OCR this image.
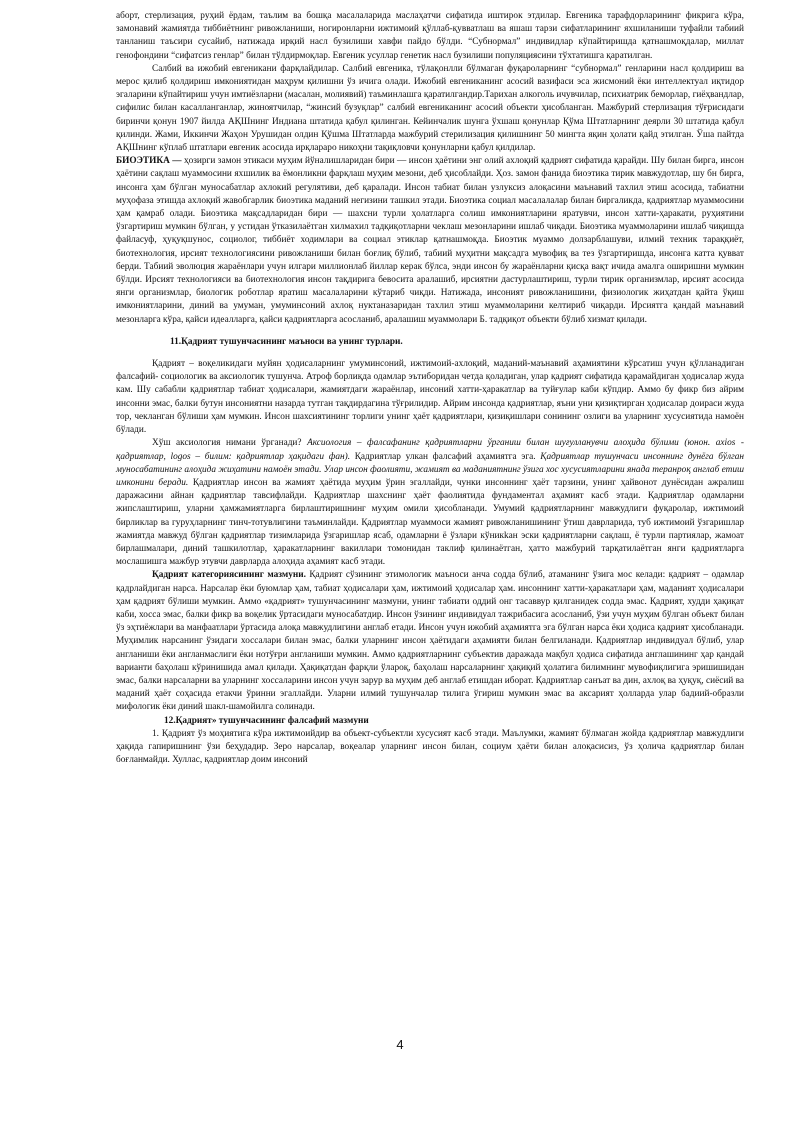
аборт, стерлизация, руҳий ёрдам, таълим ва бошқа масалаларида маслаҳатчи сифатида иштирок этдилар. Евгеника тарафдорларининг фикрига кўра, замонавий жамиятда тиббиётнинг ривожланиши, ногиронларни ижтимоий қўллаб-қувватлаш ва яшаш тарзи сифатларининг яхшиланиши туфайли табиий танланиш таъсири сусайиб, натижада ирқий насл бузилиши хавфи пайдо бўлди. “Субнормал” индивидлар кўпайтиришда қатнашмоқдалар, миллат генофондини “сифатсиз генлар” билан тўлдирмоқлар. Евгеник усуллар генетик насл бузилиши популяциясини тўхтатишга қаратилган.

Салбий ва ижобий евгеникани фарқлайдилар. Салбий евгеника, тўлақонлли бўлмаган фуқароларнинг “субнормал” генларини насл қолдириш ва мерос қилиб қолдириш имкониятидан маҳрум қилишни ўз ичига олади. Ижобий евгениканинг асосий вазифаси эса жисмоний ёки интеллектуал иқтидор эгаларини кўпайтириш учун имтиёзларни (масалан, молиявий) таъминлашга қаратилгандир.Тарихан алкоголь ичувчилар, психиатрик беморлар, гиёҳвандлар, сифилис билан касалланганлар, жиноятчилар, “жинсий бузуқлар” салбий евгениканинг асосий объекти ҳисобланган. Мажбурий стерлизация тўғрисидаги биринчи қонун 1907 йилда АҚШнинг Индиана штатида қабул қилинган. Кейинчалик шунга ўхшаш қонунлар Қўма Штатларнинг деярли 30 штатида қабул қилинди. Жами, Иккинчи Жаҳон Урушидан олдин Қўшма Штатларда мажбурий стерилизация қилишнинг 50 мингта яқин ҳолати қайд этилган. Ўша пайтда АҚШнинг кўплаб штатлари евгеник асосида ирқлараро никоҳни тақиқловчи қонунларни қабул қилдилар.

БИОЭТИКА — ҳозирги замон этикаси муҳим йўналишларидан бири — инсон ҳаётини энг олий ахлоқий қадрият сифатида қарайди. Шу билан бирга, инсон ҳаётини сақлаш муаммосини яхшилик ва ёмонликни фарқлаш муҳим мезони, деб ҳисоблайди. Ҳоз. замон фанида биоэтика тирик мавжудотлар, шу бн бирга, инсонга ҳам бўлган муносабатлар ахлокий регулятиви, деб қаралади. Инсон табиат билан узлуксиз алоқасини маънавий тахлил этиш асосида, табиатни муҳофаза этишда ахлоқий жавобгарлик биоэтика маданий негизини ташкил этади. Биоэтика социал масалалалар билан биргаликда, қадриятлар муаммосини ҳам қамраб олади. Биоэтика мақсадларидан бири — шахсни турли ҳолатларга солиш имкониятларини яратувчи, инсон хатти-ҳаракати, руҳиятини ўзгартириш мумкин бўлган, у устидан ўтказилаётган хилмахил тадқиқотларни чеклаш мезонларини ишлаб чиқади. Биоэтика муаммоларини ишлаб чиқишда файласуф, ҳуқуқшунос, социолог, тиббиёт ходимлари ва социал этиклар қатнашмоқда. Биоэтик муаммо долзарблашуви, илмий техник тараққиёт, биотехнология, ирсият технологиясини ривожланиши билан боғлиқ бўлиб, табиий муҳитни мақсадга мувофиқ ва тез ўзгартиришда, инсонга катта қувват берди. Табиий эволюция жараёнлари учун илгари миллионлаб йиллар керак бўлса, энди инсон бу жараёнларни қисқа вақт ичида амалга оширишни мумкин бўлди. Ирсият технологияси ва биотехнология инсон тақдирига бевосита аралашиб, ирсиятни дастурлаштириш, турли тирик организмлар, ирсият асосида янги организмлар, биологик роботлар яратиш масалаларини кўтариб чиқди. Натижада, инсоният ривожланишини, физиологик жиҳатдан қайта ўқиш имкониятларини, диний ва умуман, умуминсоний ахлоқ нуктаназаридан тахлил этиш муаммоларини келтириб чиқарди. Ирсиятга қандай маънавий мезонларга кўра, қайси идеалларга, қайси қадриятларга асосланиб, аралашиш муаммолари Б. тадқиқот объекти бўлиб хизмат қилади.

11.Қадрият тушунчасининг маъноси ва унинг турлари.

Қадрият – воқеликидаги муйян ҳодисаларнинг умуминсоний, ижтимоий-ахлоқий, маданий-маънавий аҳамиятини кўрсатиш учун қўлланадиган фалсафий- социологик ва аксиологик тушунча. Атроф борлиқда одамлар эътиборидан четда қоладиган, улар қадрият сифатида қарамайдиган ҳодисалар жуда кам. Шу сабабли қадриятлар табиат ҳодисалари, жамиятдаги жараёнлар, инсоний хатти-ҳаракатлар ва туйғулар каби кўпдир. Аммо бу фикр биз айрим инсонни эмас, балки бутун инсониятни назарда тутган тақдирдагина тўғрилидир. Айрим инсонда қадриятлар, яъни уни қизиқтирган ҳодисалар доираси жуда тор, чекланган бўлиши ҳам мумкин. Инсон шахсиятининг торлиги унинг ҳаёт қадриятлари, қизиқишлари сонининг озлиги ва уларнинг хусусиятида намоён бўлади.

Хўш аксиология нимани ўрганади? Аксиология – фалсафанинг қадриятларни ўрганиш билан шуғулланувчи алоҳида бўлими (юнон. axios - қадриятлар, logos – билим: қадриятлар ҳақидаги фан). Қадриятлар улкан фалсафий аҳамиятга эга. Қадриятлар тушунчаси инсоннинг дунёга бўлган муносабатининг алоҳида жиҳатини намоён этади. Улар инсон фаолияти, жамият ва маданиятнинг ўзига хос хусусиятларини янада теранроқ англаб етиш имконини беради. Қадриятлар инсон ва жамият ҳаётида муҳим ўрин эгаллайди, чунки инсоннинг ҳаёт тарзини, унинг ҳайвонот дунёсидан ажралиш даражасини айнан қадриятлар тавсифлайди. Қадриятлар шахснинг ҳаёт фаолиятида фундаментал аҳамият касб этади. Қадриятлар одамларни жипслаштириш, уларни ҳамжамиятларга бирлаштиришнинг муҳим омили ҳисобланади. Умумий қадриятларнинг мавжудлиги фуқаролар, ижтимоий бирликлар ва гуруҳларнинг тинч-тотувлигини таъминлайди. Қадриятлар муаммоси жамият ривожланишининг ўтиш даврларида, туб ижтимоий ўзгаришлар жамиятда мавжуд бўлган қадриятлар тизимларида ўзгаришлар ясаб, одамларни ё ўзлари кўникkан эски қадриятларни сақлаш, ё турли партиялар, жамоат бирлашмалари, диний ташкилотлар, ҳаракатларнинг вакиллари томонидан таклиф қилинаётган, ҳатто мажбурий тарқатилаётган янги қадриятларга мослашишга мажбур этувчи даврларда алоҳида аҳамият касб этади.

Қадрият категориясининг мазмуни. Қадрият сўзининг этимологик маъноси анча содда бўлиб, атаманинг ўзига мос келади: қадрият – одамлар қадрлайдиган нарса. Нарсалар ёки буюмлар ҳам, табиат ҳодисалари ҳам, ижтимоий ҳодисалар ҳам. инсоннинг хатти-ҳаракатлари ҳам, маданият ҳодисалари ҳам қадрият бўлиши мумкин. Аммо «қадрият» тушунчасининг мазмуни, унинг табиати оддий онг тасаввур қилганидек содда эмас. Қадрият, худди ҳақиқат каби, хосса эмас, балки фикр ва воқелик ўртасидаги муносабатдир. Инсон ўзининг индивидуал тажрибасига асосланиб, ўзи учун муҳим бўлган объект билан ўз эҳтиёжлари ва манфаатлари ўртасида алоқа мавжудлигини англаб етади. Инсон учун ижобий аҳамиятга эга бўлган нарса ёки ҳодиса қадрият ҳисобланади. Муҳимлик нарсанинг ўзидаги хоссалари билан эмас, балки уларнинг инсон ҳаётидаги аҳамияти билан белгиланади. Қадриятлар индивидуал бўлиб, улар англаниши ёки англанмаслиги ёки нотўғри англаниши мумкин. Аммо қадриятларнинг субъектив даражада мақбул ҳодиса сифатида англашининг ҳар қандай варианти баҳолаш кўринишида амал қилади. Ҳақиқатдан фарқли ўлароқ, баҳолаш нарсаларнинг ҳақиқий ҳолатига билимнинг мувофиқлигига эришишидан эмас, балки нарсаларни ва уларнинг хоссаларини инсон учун зарур ва муҳим деб англаб етишдан иборат. Қадриятлар санъат ва дин, ахлоқ ва ҳуқуқ, сиёсий ва маданий ҳаёт соҳасида етакчи ўринни эгаллайди. Уларни илмий тушунчалар тилига ўгириш мумкин эмас ва аксарият ҳолларда улар бадиий-образли мифологик ёки диний шакл-шамойилга солинади.

12.Қадрият» тушунчасининг фалсафий мазмуни

1. Қадрият ўз моҳиятига кўра ижтимоийдир ва объект-субъектли хусусият касб этади. Маълумки, жамият бўлмаган жойда қадриятлар мавжудлиги ҳақида гапиришнинг ўзи беҳудадир. Зеро нарсалар, воқеалар уларнинг инсон билан, социум ҳаёти билан алоқасисиз, ўз ҳолича қадриятлар билан боғланмайди. Хуллас, қадриятлар доим инсоний

4
